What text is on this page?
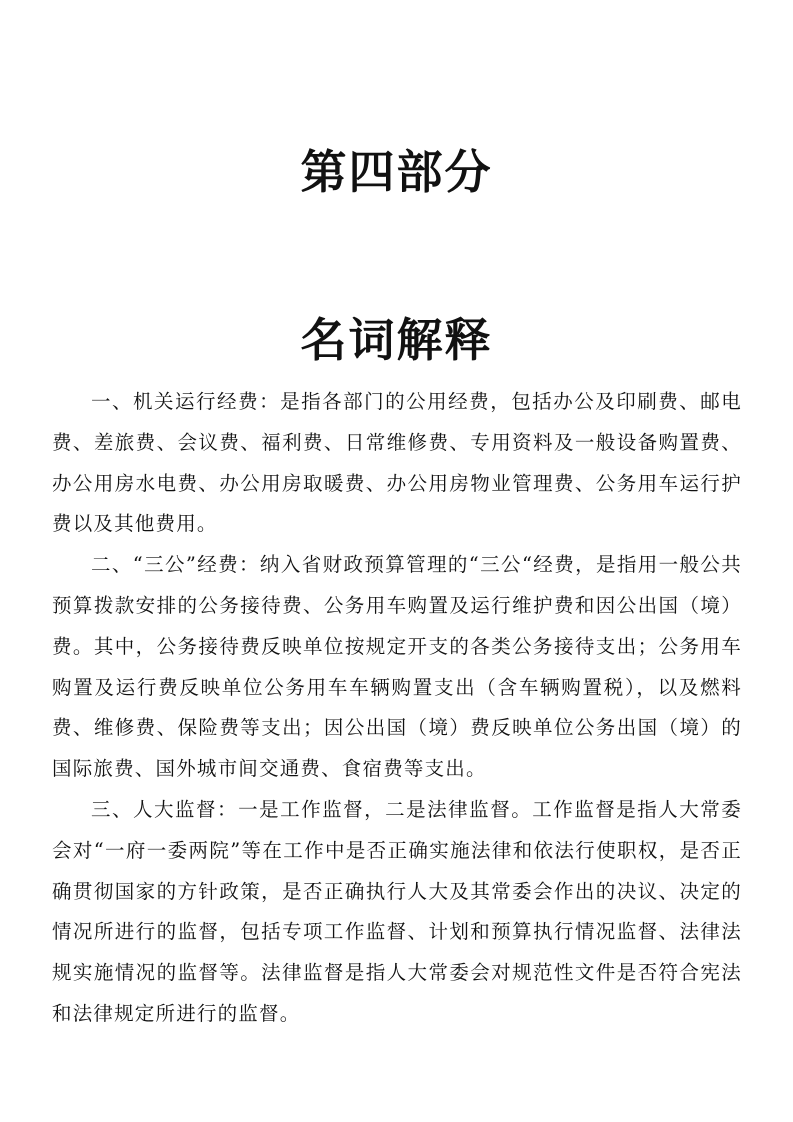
第四部分
名词解释

一、机关运行经费：是指各部门的公用经费，包括办公及印刷费、邮电费、差旅费、会议费、福利费、日常维修费、专用资料及一般设备购置费、办公用房水电费、办公用房取暖费、办公用房物业管理费、公务用车运行护费以及其他费用。

二、“三公”经费：纳入省财政预算管理的“三公“经费，是指用一般公共预算拨款安排的公务接待费、公务用车购置及运行维护费和因公出国（境）费。其中，公务接待费反映单位按规定开支的各类公务接待支出；公务用车购置及运行费反映单位公务用车车辆购置支出（含车辆购置税），以及燃料费、维修费、保险费等支出；因公出国（境）费反映单位公务出国（境）的国际旅费、国外城市间交通费、食宿费等支出。

三、人大监督：一是工作监督，二是法律监督。工作监督是指人大常委会对“一府一委两院”等在工作中是否正确实施法律和依法行使职权，是否正确贯彻国家的方针政策，是否正确执行人大及其常委会作出的决议、决定的情况所进行的监督，包括专项工作监督、计划和预算执行情况监督、法律法规实施情况的监督等。法律监督是指人大常委会对规范性文件是否符合宪法和法律规定所进行的监督。
